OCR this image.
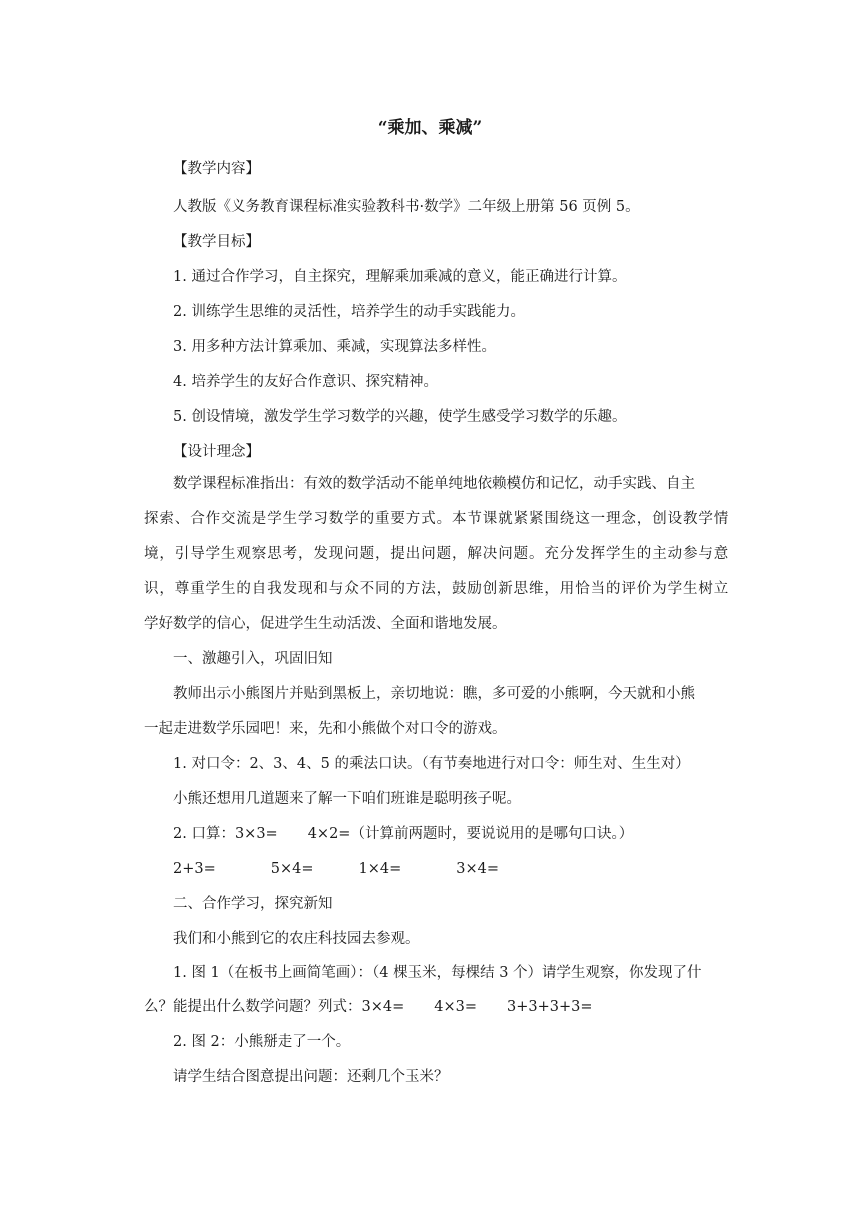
“乘加、乘减”
【教学内容】
人教版《义务教育课程标准实验教科书·数学》二年级上册第 56 页例 5。
【教学目标】
1. 通过合作学习，自主探究，理解乘加乘减的意义，能正确进行计算。
2. 训练学生思维的灵活性，培养学生的动手实践能力。
3. 用多种方法计算乘加、乘减，实现算法多样性。
4. 培养学生的友好合作意识、探究精神。
5. 创设情境，激发学生学习数学的兴趣，使学生感受学习数学的乐趣。
【设计理念】
数学课程标准指出：有效的数学活动不能单纯地依赖模仿和记忆，动手实践、自主
探索、合作交流是学生学习数学的重要方式。本节课就紧紧围绕这一理念，创设教学情
境，引导学生观察思考，发现问题，提出问题，解决问题。充分发挥学生的主动参与意
识，尊重学生的自我发现和与众不同的方法，鼓励创新思维，用恰当的评价为学生树立
学好数学的信心，促进学生生动活泼、全面和谐地发展。
一、激趣引入，巩固旧知
教师出示小熊图片并贴到黑板上，亲切地说：瞧，多可爱的小熊啊，今天就和小熊
一起走进数学乐园吧！来，先和小熊做个对口令的游戏。
1. 对口令：2、3、4、5 的乘法口诀。（有节奏地进行对口令：师生对、生生对）
小熊还想用几道题来了解一下咱们班谁是聪明孩子呢。
2. 口算：3×3= 4×2=（计算前两题时，要说说用的是哪句口诀。）
2+3=	5×4=	1×4=	3×4=
二、合作学习，探究新知
我们和小熊到它的农庄科技园去参观。
1. 图 1（在板书上画简笔画）：（4 棵玉米，每棵结 3 个）请学生观察，你发现了什
么？能提出什么数学问题？列式：3×4= 4×3= 3+3+3+3=
2. 图 2：小熊掰走了一个。
请学生结合图意提出问题：还剩几个玉米？
